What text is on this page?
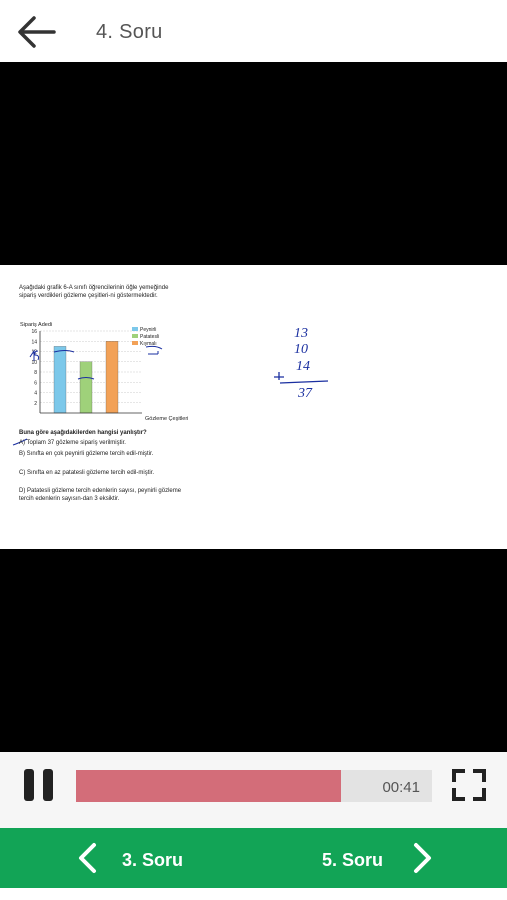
4. Soru
Aşağıdaki grafik 6-A sınıfı öğrencilerinin öğle yemeğinde sipariş verdikleri gözleme çeşitleri-ni göstermektedir.
Sipariş Adedi
2
4
6
8
10
12
14
16
Gözleme Çeşitleri
Peynirli
Patatesli
Kıymalı
Buna göre aşağıdakilerden hangisi yanlıştır?
A) Toplam 37 gözleme sipariş verilmiştir.
B) Sınıfta en çok peynirli gözleme tercih edil-miştir.
C) Sınıfta en az patatesli gözleme tercih edil-miştir.
D) Patatesli gözleme tercih edenlerin sayısı, peynirli gözleme tercih edenlerin sayısın-dan 3 eksiktir.
13
10
14
37
00:41
3. Soru	5. Soru
